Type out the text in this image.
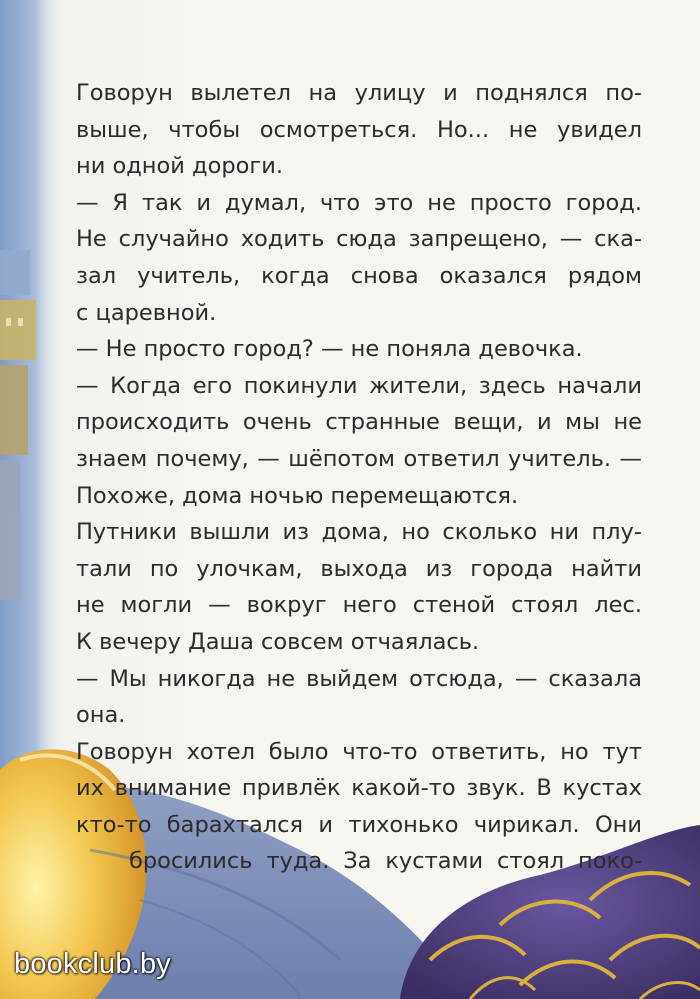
Говорун вылетел на улицу и поднялся по-
выше, чтобы осмотреться. Но... не увидел
ни одной дороги.
— Я так и думал, что это не просто город.
Не случайно ходить сюда запрещено, — ска-
зал учитель, когда снова оказался рядом
с царевной.
— Не просто город? — не поняла девочка.
— Когда его покинули жители, здесь начали
происходить очень странные вещи, и мы не
знаем почему, — шёпотом ответил учитель. —
Похоже, дома ночью перемещаются.
Путники вышли из дома, но сколько ни плу-
тали по улочкам, выхода из города найти
не могли — вокруг него стеной стоял лес.
К вечеру Даша совсем отчаялась.
— Мы никогда не выйдем отсюда, — сказала
она.
Говорун хотел было что-то ответить, но тут
их внимание привлёк какой-то звук. В кустах
кто-то барахтался и тихонько чирикал. Они
бросились туда. За кустами стоял поко-
bookclub.by
